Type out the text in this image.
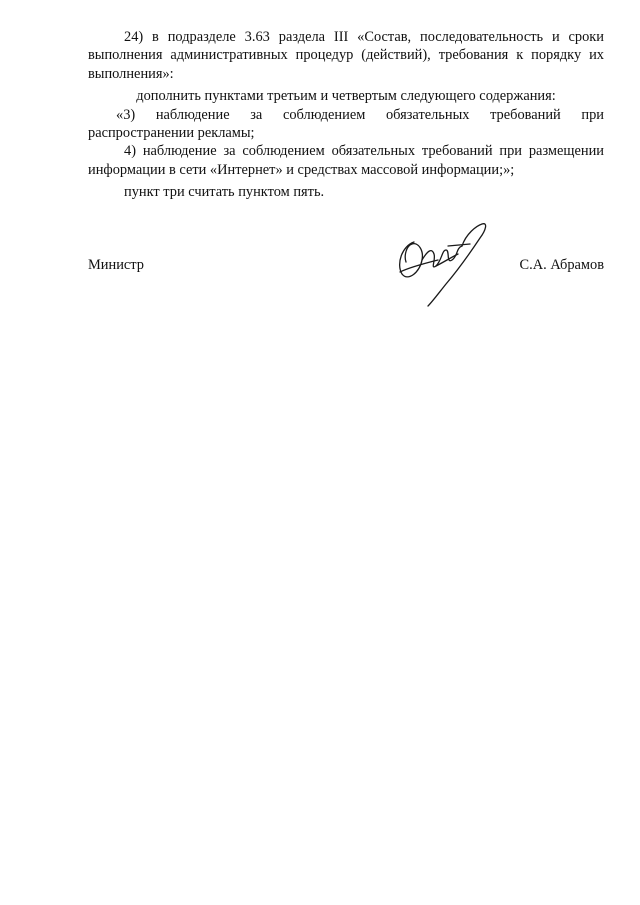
24) в подразделе 3.63 раздела III «Состав, последовательность и сроки выполнения административных процедур (действий), требования к порядку их выполнения»:

дополнить пунктами третьим и четвертым следующего содержания:

«3) наблюдение за соблюдением обязательных требований при распространении рекламы;

4) наблюдение за соблюдением обязательных требований при размещении информации в сети «Интернет» и средствах массовой информации;»;

пункт три считать пунктом пять.

Министр	С.А. Абрамов
